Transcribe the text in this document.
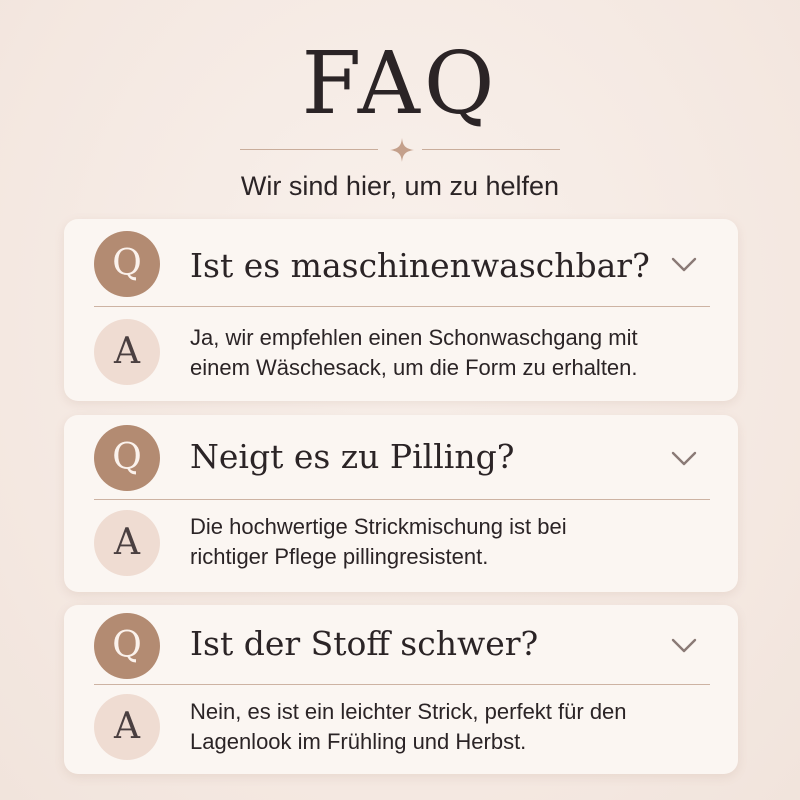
FAQ
Wir sind hier, um zu helfen
Q	Ist es maschinenwaschbar?
A	Ja, wir empfehlen einen Schonwaschgang mit
einem Wäschesack, um die Form zu erhalten.
Q	Neigt es zu Pilling?
A	Die hochwertige Strickmischung ist bei
richtiger Pflege pillingresistent.
Q	Ist der Stoff schwer?
A	Nein, es ist ein leichter Strick, perfekt für den
Lagenlook im Frühling und Herbst.
